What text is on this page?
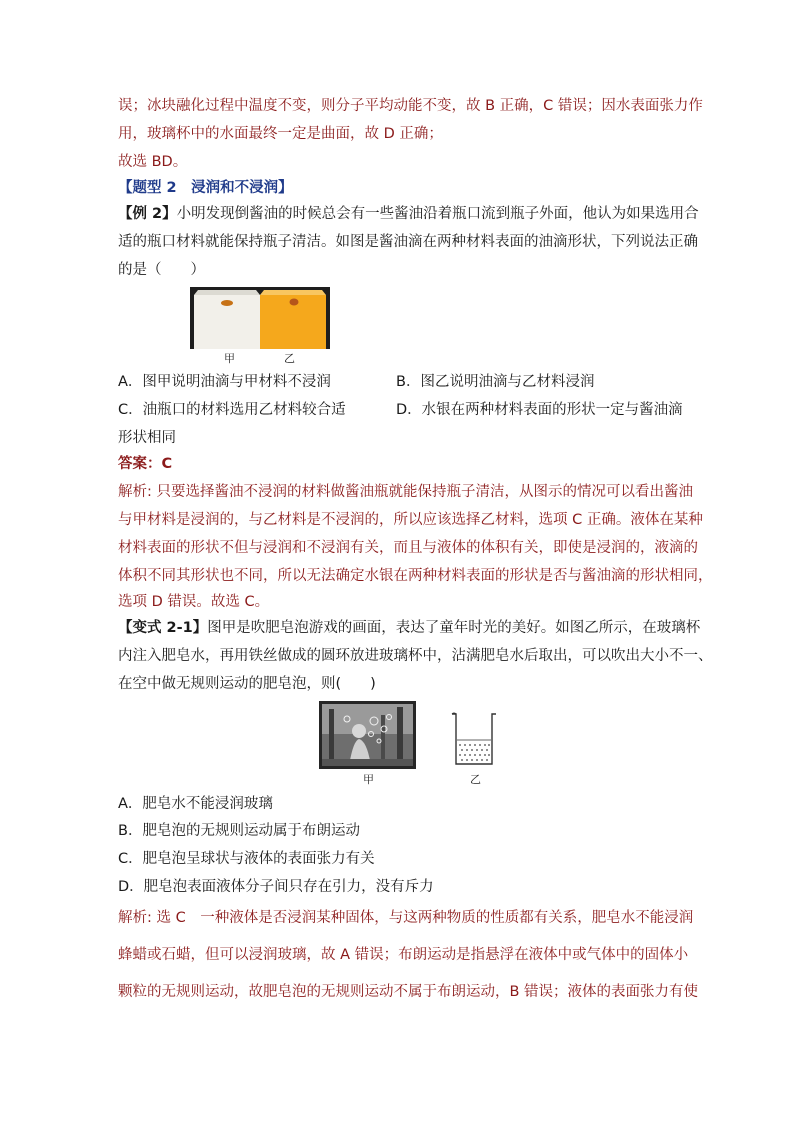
误；冰块融化过程中温度不变，则分子平均动能不变，故 B 正确，C 错误；因水表面张力作
用，玻璃杯中的水面最终一定是曲面，故 D 正确；
故选 BD。
【题型 2　浸润和不浸润】
【例 2】小明发现倒酱油的时候总会有一些酱油沿着瓶口流到瓶子外面，他认为如果选用合
适的瓶口材料就能保持瓶子清洁。如图是酱油滴在两种材料表面的油滴形状，下列说法正确
的是（　　）
甲	乙
A．图甲说明油滴与甲材料不浸润	B．图乙说明油滴与乙材料浸润
C．油瓶口的材料选用乙材料较合适	D．水银在两种材料表面的形状一定与酱油滴
形状相同
答案：C
解析: 只要选择酱油不浸润的材料做酱油瓶就能保持瓶子清洁，从图示的情况可以看出酱油
与甲材料是浸润的，与乙材料是不浸润的，所以应该选择乙材料，选项 C 正确。液体在某种
材料表面的形状不但与浸润和不浸润有关，而且与液体的体积有关，即使是浸润的，液滴的
体积不同其形状也不同，所以无法确定水银在两种材料表面的形状是否与酱油滴的形状相同，
选项 D 错误。故选 C。
【变式 2-1】图甲是吹肥皂泡游戏的画面，表达了童年时光的美好。如图乙所示，在玻璃杯
内注入肥皂水，再用铁丝做成的圆环放进玻璃杯中，沾满肥皂水后取出，可以吹出大小不一、
在空中做无规则运动的肥皂泡，则(　　)
甲	乙
A．肥皂水不能浸润玻璃
B．肥皂泡的无规则运动属于布朗运动
C．肥皂泡呈球状与液体的表面张力有关
D．肥皂泡表面液体分子间只存在引力，没有斥力
解析: 选 C　一种液体是否浸润某种固体，与这两种物质的性质都有关系，肥皂水不能浸润
蜂蜡或石蜡，但可以浸润玻璃，故 A 错误；布朗运动是指悬浮在液体中或气体中的固体小
颗粒的无规则运动，故肥皂泡的无规则运动不属于布朗运动，B 错误；液体的表面张力有使
